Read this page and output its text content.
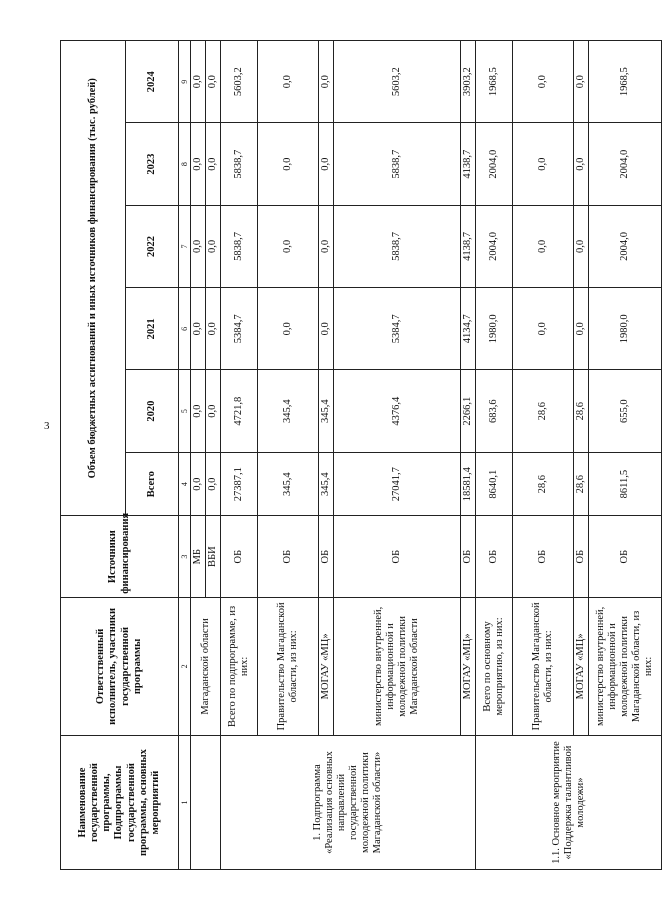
3
Наименование государственной программы, Подпрограммы государственной программы, основных мероприятий	Ответственный исполнитель, участники государственной программы	Источники финансирования	Объем бюджетных ассигнований и иных источников финансирования (тыс. рублей)					
			Всего	2020	2021	2022	2023	2024
1	2	3	4	5	6	7	8	9
	Магаданской области	МБ	0,0	0,0	0,0	0,0	0,0	0,0
		ВБИ	0,0	0,0	0,0	0,0	0,0	0,0
1. Подпрограмма «Реализация основных направлений государственной молодежной политики Магаданской области»	Всего по подпрограмме, из них:	ОБ	27387,1	4721,8	5384,7	5838,7	5838,7	5603,2
	Правительство Магаданской области, из них:	ОБ	345,4	345,4	0,0	0,0	0,0	0,0
	МОГАУ «МЦ»	ОБ	345,4	345,4	0,0	0,0	0,0	0,0
	министерство внутренней, информационной и молодежной политики Магаданской области	ОБ	27041,7	4376,4	5384,7	5838,7	5838,7	5603,2
	МОГАУ «МЦ»	ОБ	18581,4	2266,1	4134,7	4138,7	4138,7	3903,2
1.1. Основное мероприятие «Поддержка талантливой молодежи»	Всего по основному мероприятию, из них:	ОБ	8640,1	683,6	1980,0	2004,0	2004,0	1968,5
	Правительство Магаданской области, из них:	ОБ	28,6	28,6	0,0	0,0	0,0	0,0
	МОГАУ «МЦ»	ОБ	28,6	28,6	0,0	0,0	0,0	0,0
	министерство внутренней, информационной и молодежной политики Магаданской области, из них:	ОБ	8611,5	655,0	1980,0	2004,0	2004,0	1968,5
